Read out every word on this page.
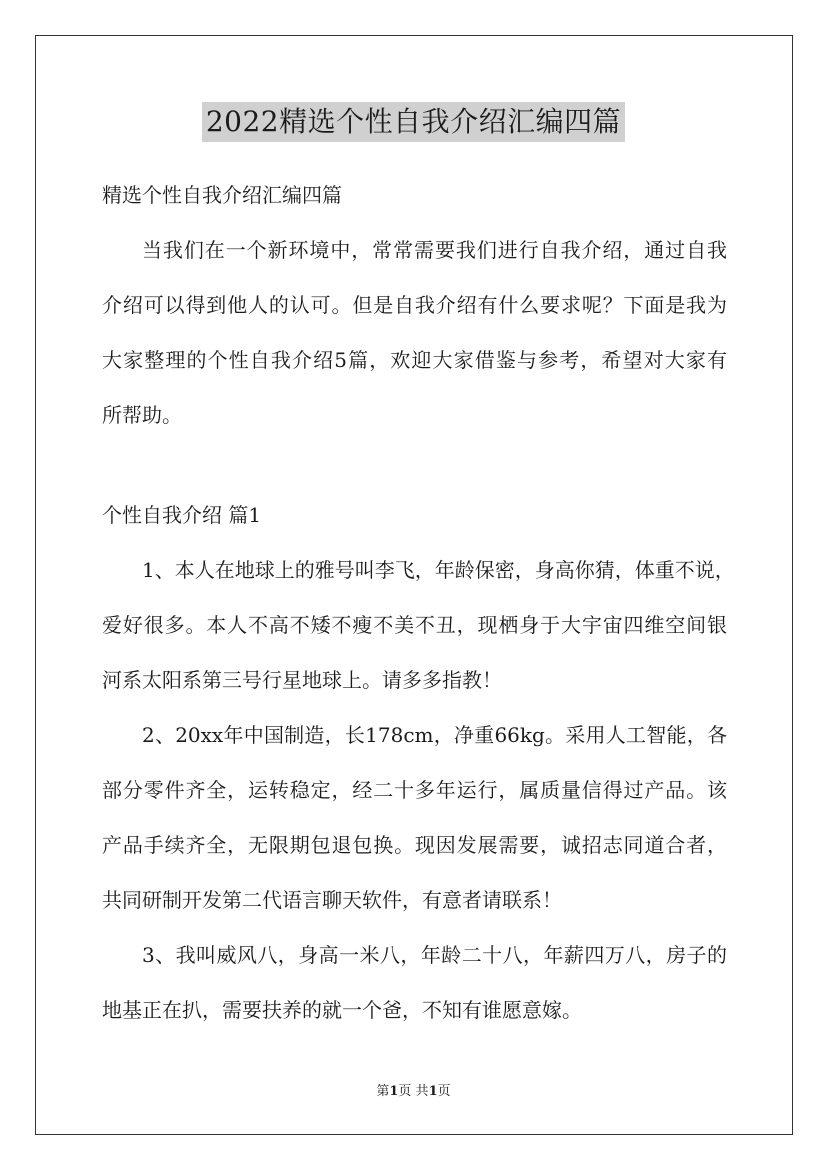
2022精选个性自我介绍汇编四篇
精选个性自我介绍汇编四篇
当我们在一个新环境中，常常需要我们进行自我介绍，通过自我
介绍可以得到他人的认可。但是自我介绍有什么要求呢？下面是我为
大家整理的个性自我介绍5篇，欢迎大家借鉴与参考，希望对大家有
所帮助。
个性自我介绍 篇1
1、本人在地球上的雅号叫李飞，年龄保密，身高你猜，体重不说，
爱好很多。本人不高不矮不瘦不美不丑，现栖身于大宇宙四维空间银
河系太阳系第三号行星地球上。请多多指教！
2、20xx年中国制造，长178cm，净重66kg。采用人工智能，各
部分零件齐全，运转稳定，经二十多年运行，属质量信得过产品。该
产品手续齐全，无限期包退包换。现因发展需要，诚招志同道合者，
共同研制开发第二代语言聊天软件，有意者请联系！
3、我叫威风八，身高一米八，年龄二十八，年薪四万八，房子的
地基正在扒，需要扶养的就一个爸，不知有谁愿意嫁。
第1页 共1页
